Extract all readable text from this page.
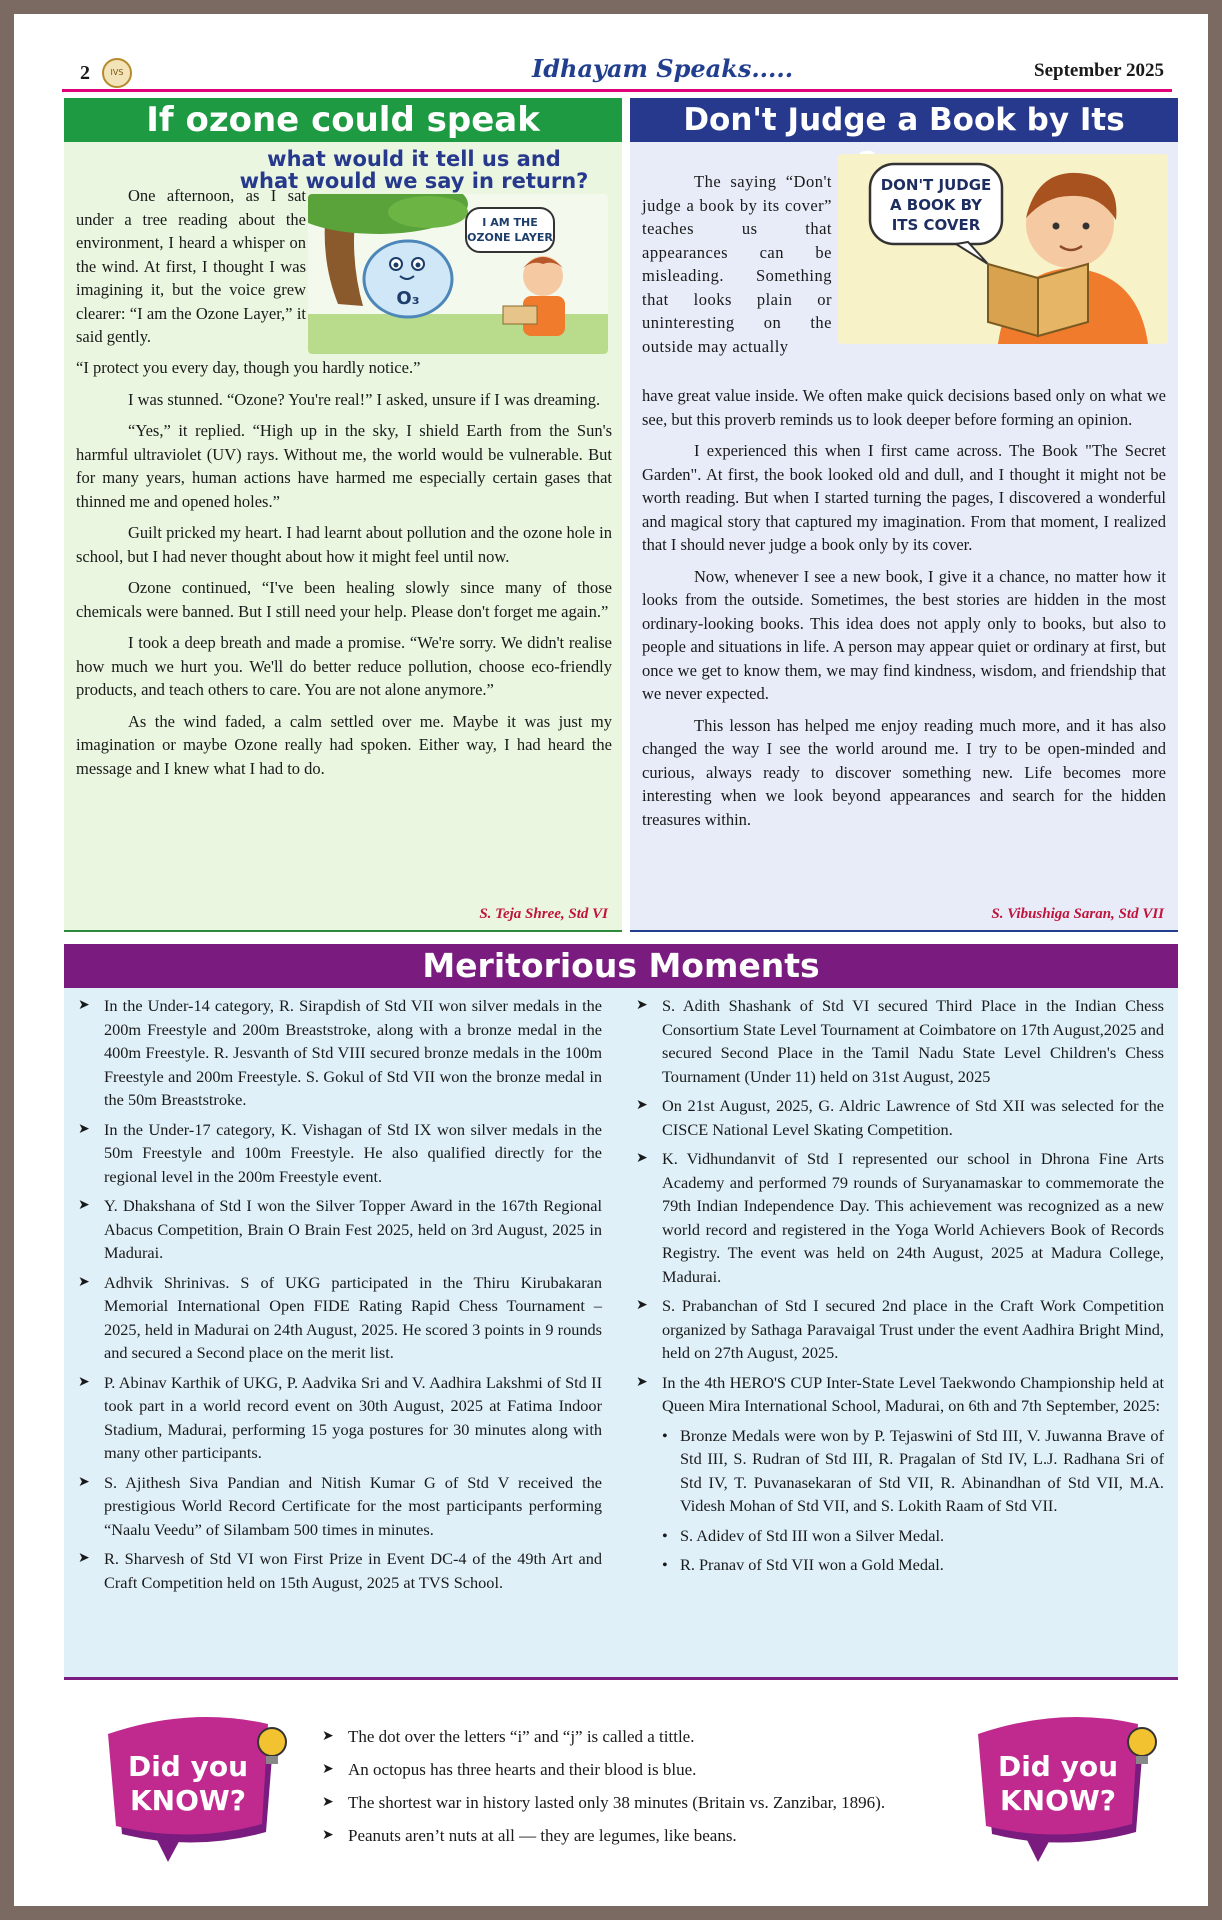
2	IVS	Idhayam Speaks.....	September 2025
If ozone could speak
what would it tell us and
what would we say in return?
I AM THE
OZONE LAYER
O₃

One afternoon, as I sat under a tree reading about the environment, I heard a whisper on the wind. At first, I thought I was imagining it, but the voice grew clearer: “I am the Ozone Layer,” it said gently.

“I protect you every day, though you hardly notice.”

I was stunned. “Ozone? You're real!” I asked, unsure if I was dreaming.

“Yes,” it replied. “High up in the sky, I shield Earth from the Sun's harmful ultraviolet (UV) rays. Without me, the world would be vulnerable. But for many years, human actions have harmed me especially certain gases that thinned me and opened holes.”

Guilt pricked my heart. I had learnt about pollution and the ozone hole in school, but I had never thought about how it might feel until now.

Ozone continued, “I've been healing slowly since many of those chemicals were banned. But I still need your help. Please don't forget me again.”

I took a deep breath and made a promise. “We're sorry. We didn't realise how much we hurt you. We'll do better reduce pollution, choose eco-friendly products, and teach others to care. You are not alone anymore.”

As the wind faded, a calm settled over me. Maybe it was just my imagination or maybe Ozone really had spoken. Either way, I had heard the message and I knew what I had to do.

S. Teja Shree, Std VI
Don't Judge a Book by Its
DON'T JUDGE
A BOOK BY
ITS COVER

The saying “Don't judge a book by its cover” teaches us that appearances can be misleading. Something that looks plain or uninteresting on the outside may actually

have great value inside. We often make quick decisions based only on what we see, but this proverb reminds us to look deeper before forming an opinion.

I experienced this when I first came across. The Book "The Secret Garden". At first, the book looked old and dull, and I thought it might not be worth reading. But when I started turning the pages, I discovered a wonderful and magical story that captured my imagination. From that moment, I realized that I should never judge a book only by its cover.

Now, whenever I see a new book, I give it a chance, no matter how it looks from the outside. Sometimes, the best stories are hidden in the most ordinary-looking books. This idea does not apply only to books, but also to people and situations in life. A person may appear quiet or ordinary at first, but once we get to know them, we may find kindness, wisdom, and friendship that we never expected.

This lesson has helped me enjoy reading much more, and it has also changed the way I see the world around me. I try to be open-minded and curious, always ready to discover something new. Life becomes more interesting when we look beyond appearances and search for the hidden treasures within.

S. Vibushiga Saran, Std VII
Meritorious Moments
➤ In the Under-14 category, R. Sirapdish of Std VII won silver medals in the 200m Freestyle and 200m Breaststroke, along with a bronze medal in the 400m Freestyle. R. Jesvanth of Std VIII secured bronze medals in the 100m Freestyle and 200m Freestyle. S. Gokul of Std VII won the bronze medal in the 50m Breaststroke.
➤ In the Under-17 category, K. Vishagan of Std IX won silver medals in the 50m Freestyle and 100m Freestyle. He also qualified directly for the regional level in the 200m Freestyle event.
➤ Y. Dhakshana of Std I won the Silver Topper Award in the 167th Regional Abacus Competition, Brain O Brain Fest 2025, held on 3rd August, 2025 in Madurai.
➤ Adhvik Shrinivas. S of UKG participated in the Thiru Kirubakaran Memorial International Open FIDE Rating Rapid Chess Tournament – 2025, held in Madurai on 24th August, 2025. He scored 3 points in 9 rounds and secured a Second place on the merit list.
➤ P. Abinav Karthik of UKG, P. Aadvika Sri and V. Aadhira Lakshmi of Std II took part in a world record event on 30th August, 2025 at Fatima Indoor Stadium, Madurai, performing 15 yoga postures for 30 minutes along with many other participants.
➤ S. Ajithesh Siva Pandian and Nitish Kumar G of Std V received the prestigious World Record Certificate for the most participants performing “Naalu Veedu” of Silambam 500 times in minutes.
➤ R. Sharvesh of Std VI won First Prize in Event DC-4 of the 49th Art and Craft Competition held on 15th August, 2025 at TVS School.
➤ S. Adith Shashank of Std VI secured Third Place in the Indian Chess Consortium State Level Tournament at Coimbatore on 17th August,2025 and secured Second Place in the Tamil Nadu State Level Children's Chess Tournament (Under 11) held on 31st August, 2025
➤ On 21st August, 2025, G. Aldric Lawrence of Std XII was selected for the CISCE National Level Skating Competition.
➤ K. Vidhundanvit of Std I represented our school in Dhrona Fine Arts Academy and performed 79 rounds of Suryanamaskar to commemorate the 79th Indian Independence Day. This achievement was recognized as a new world record and registered in the Yoga World Achievers Book of Records Registry. The event was held on 24th August, 2025 at Madura College, Madurai.
➤ S. Prabanchan of Std I secured 2nd place in the Craft Work Competition organized by Sathaga Paravaigal Trust under the event Aadhira Bright Mind, held on 27th August, 2025.
➤ In the 4th HERO'S CUP Inter-State Level Taekwondo Championship held at Queen Mira International School, Madurai, on 6th and 7th September, 2025:
• Bronze Medals were won by P. Tejaswini of Std III, V. Juwanna Brave of Std III, S. Rudran of Std III, R. Pragalan of Std IV, L.J. Radhana Sri of Std IV, T. Puvanasekaran of Std VII, R. Abinandhan of Std VII, M.A. Videsh Mohan of Std VII, and S. Lokith Raam of Std VII.
• S. Adidev of Std III won a Silver Medal.
• R. Pranav of Std VII won a Gold Medal.
Did you
KNOW?
➤ The dot over the letters “i” and “j” is called a tittle.
➤ An octopus has three hearts and their blood is blue.
➤ The shortest war in history lasted only 38 minutes (Britain vs. Zanzibar, 1896).
➤ Peanuts aren’t nuts at all — they are legumes, like beans.
Did you
KNOW?
